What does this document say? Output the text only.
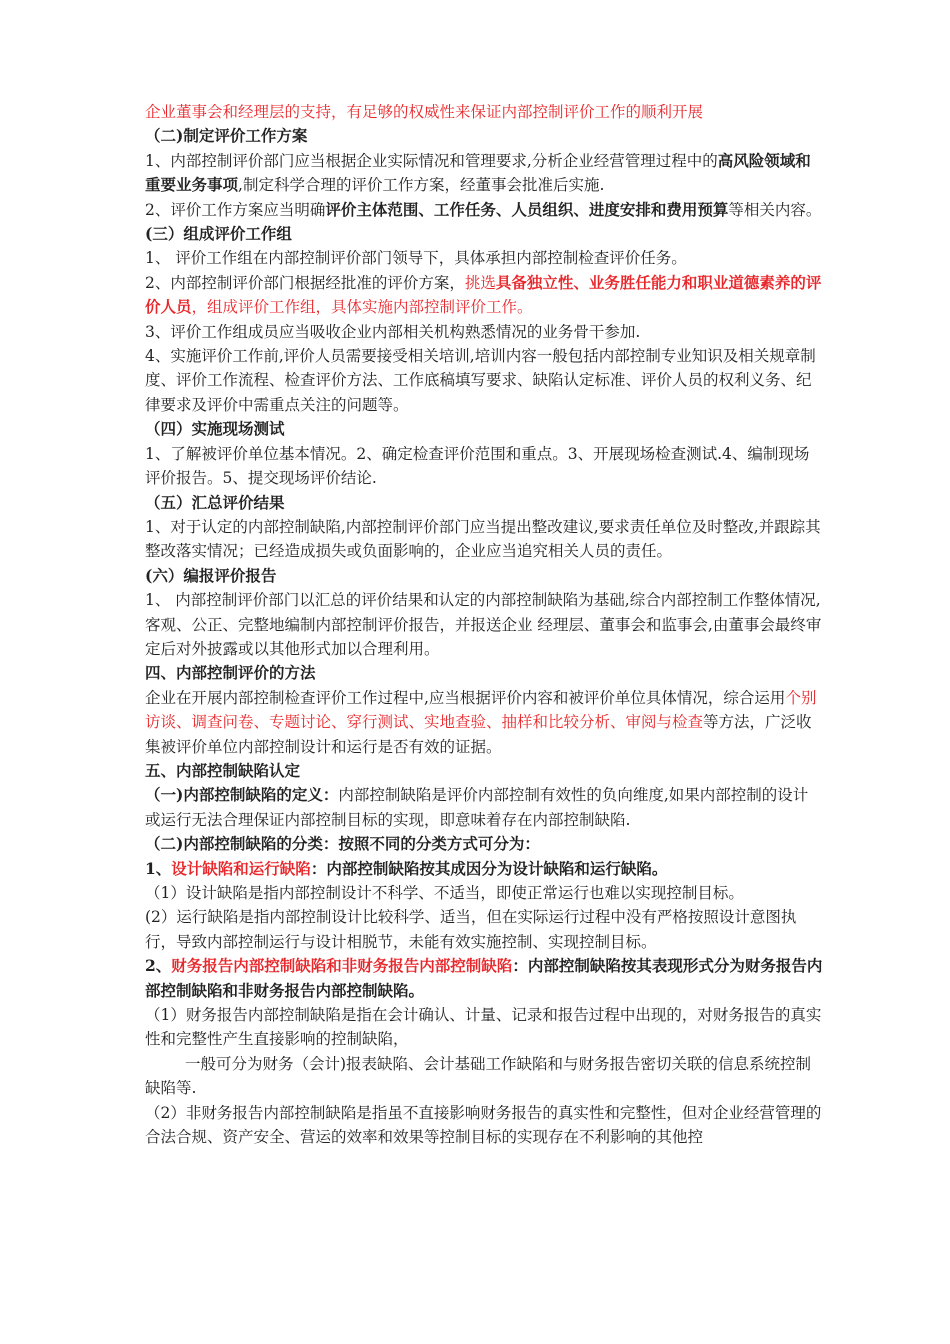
企业董事会和经理层的支持，有足够的权威性来保证内部控制评价工作的顺利开展

（二)制定评价工作方案

1、内部控制评价部门应当根据企业实际情况和管理要求,分析企业经营管理过程中的高风险领域和重要业务事项,制定科学合理的评价工作方案，经董事会批准后实施.

2、评价工作方案应当明确评价主体范围、工作任务、人员组织、进度安排和费用预算等相关内容。

(三）组成评价工作组

1、 评价工作组在内部控制评价部门领导下，具体承担内部控制检查评价任务。

2、内部控制评价部门根据经批准的评价方案，挑选具备独立性、业务胜任能力和职业道德素养的评价人员，组成评价工作组，具体实施内部控制评价工作。

3、评价工作组成员应当吸收企业内部相关机构熟悉情况的业务骨干参加.

4、实施评价工作前,评价人员需要接受相关培训,培训内容一般包括内部控制专业知识及相关规章制度、评价工作流程、检查评价方法、工作底稿填写要求、缺陷认定标准、评价人员的权利义务、纪律要求及评价中需重点关注的问题等。

（四）实施现场测试

1、了解被评价单位基本情况。2、确定检查评价范围和重点。3、开展现场检查测试.4、编制现场评价报告。5、提交现场评价结论.

（五）汇总评价结果

1、对于认定的内部控制缺陷,内部控制评价部门应当提出整改建议,要求责任单位及时整改,并跟踪其整改落实情况；已经造成损失或负面影响的，企业应当追究相关人员的责任。

(六）编报评价报告

1、 内部控制评价部门以汇总的评价结果和认定的内部控制缺陷为基础,综合内部控制工作整体情况,客观、公正、完整地编制内部控制评价报告，并报送企业 经理层、董事会和监事会,由董事会最终审定后对外披露或以其他形式加以合理利用。

四、内部控制评价的方法

企业在开展内部控制检查评价工作过程中,应当根据评价内容和被评价单位具体情况，综合运用个别访谈、调查问卷、专题讨论、穿行测试、实地查验、抽样和比较分析、审阅与检查等方法，广泛收集被评价单位内部控制设计和运行是否有效的证据。

五、内部控制缺陷认定

（一)内部控制缺陷的定义：内部控制缺陷是评价内部控制有效性的负向维度,如果内部控制的设计或运行无法合理保证内部控制目标的实现，即意味着存在内部控制缺陷.

（二)内部控制缺陷的分类：按照不同的分类方式可分为：

1、设计缺陷和运行缺陷：内部控制缺陷按其成因分为设计缺陷和运行缺陷。

（1）设计缺陷是指内部控制设计不科学、不适当，即使正常运行也难以实现控制目标。

(2）运行缺陷是指内部控制设计比较科学、适当，但在实际运行过程中没有严格按照设计意图执行，导致内部控制运行与设计相脱节，未能有效实施控制、实现控制目标。

2、财务报告内部控制缺陷和非财务报告内部控制缺陷：内部控制缺陷按其表现形式分为财务报告内部控制缺陷和非财务报告内部控制缺陷。

（1）财务报告内部控制缺陷是指在会计确认、计量、记录和报告过程中出现的，对财务报告的真实性和完整性产生直接影响的控制缺陷，

一般可分为财务（会计)报表缺陷、会计基础工作缺陷和与财务报告密切关联的信息系统控制缺陷等.

（2）非财务报告内部控制缺陷是指虽不直接影响财务报告的真实性和完整性，但对企业经营管理的合法合规、资产安全、营运的效率和效果等控制目标的实现存在不利影响的其他控
